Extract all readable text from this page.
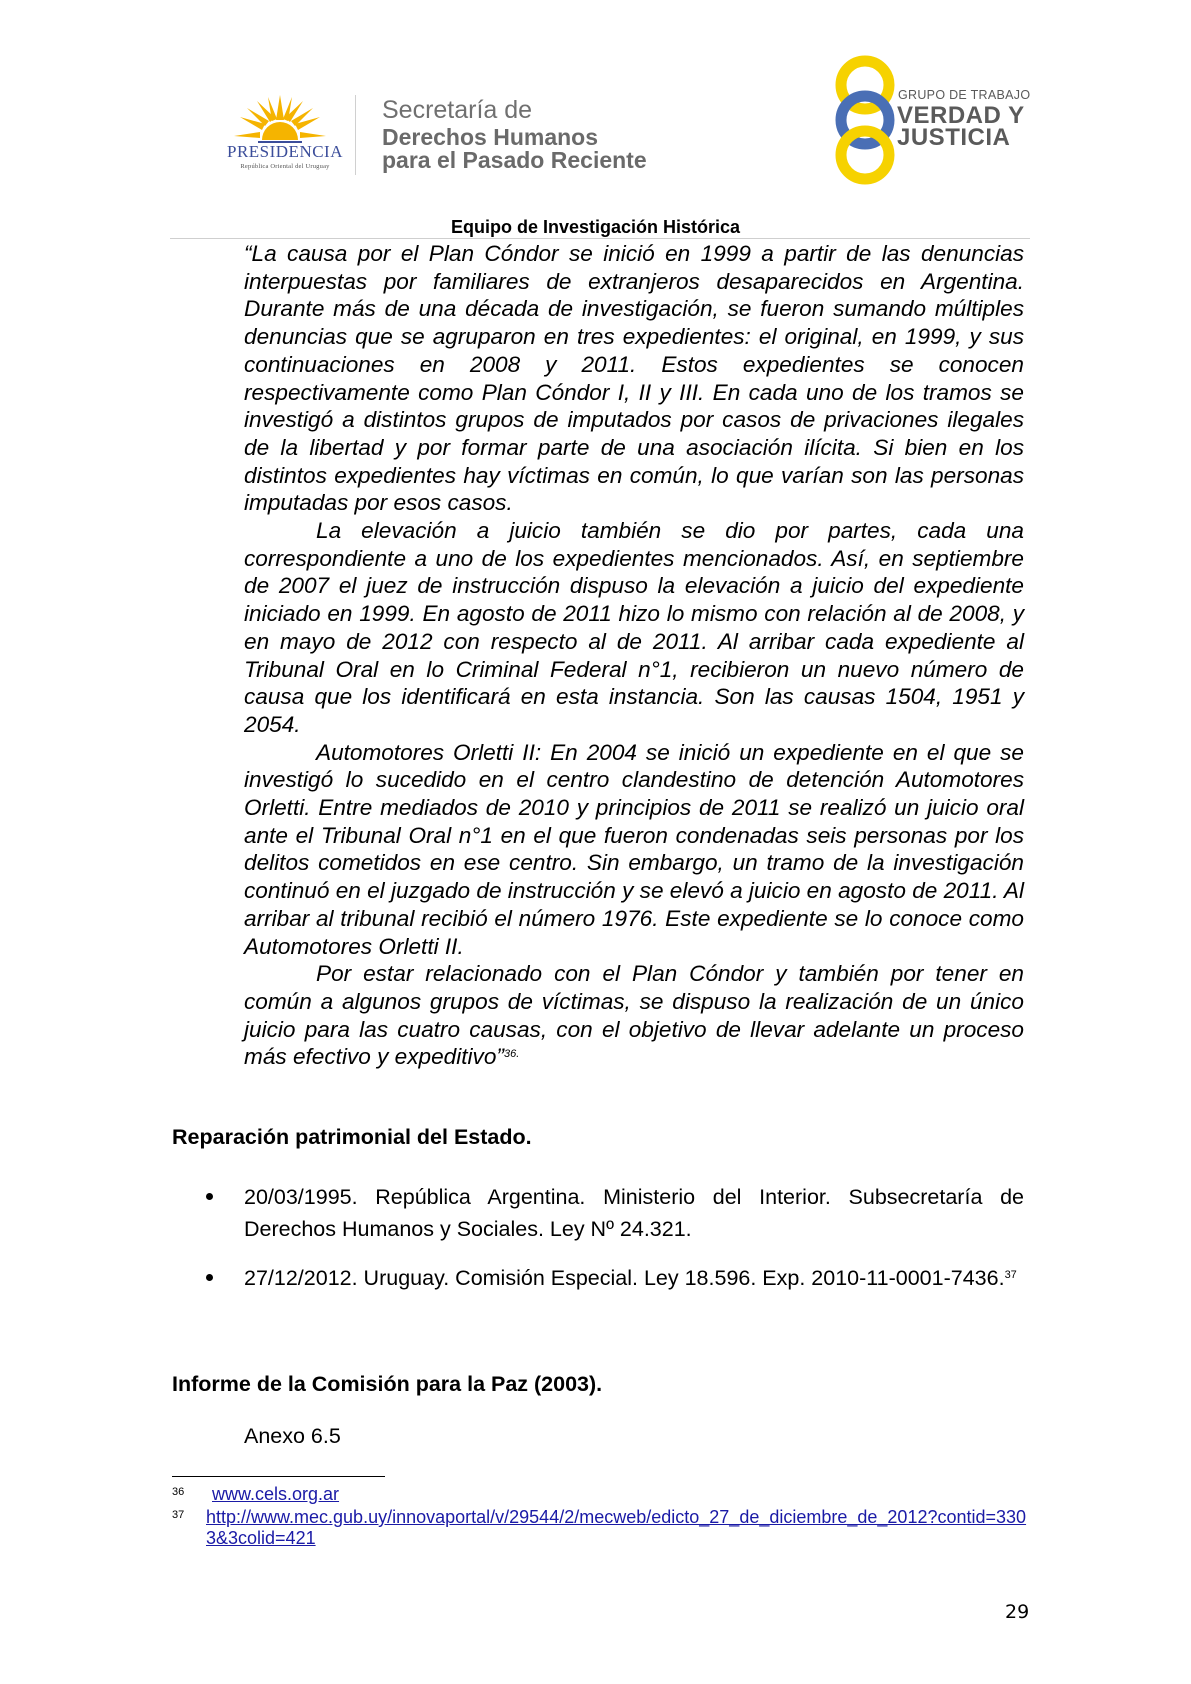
PRESIDENCIA
República Oriental del Uruguay
Secretaría de
Derechos Humanos
para el Pasado Reciente
GRUPO DE TRABAJO
VERDAD Y
JUSTICIA
Equipo de Investigación Histórica

“La causa por el Plan Cóndor se inició en 1999 a partir de las denuncias interpuestas por familiares de extranjeros desaparecidos en Argentina. Durante más de una década de investigación, se fueron sumando múltiples denuncias que se agruparon en tres expedientes: el original, en 1999, y sus continuaciones en 2008 y 2011. Estos expedientes se conocen respectivamente como Plan Cóndor I, II y III. En cada uno de los tramos se investigó a distintos grupos de imputados por casos de privaciones ilegales de la libertad y por formar parte de una asociación ilícita. Si bien en los distintos expedientes hay víctimas en común, lo que varían son las personas imputadas por esos casos.

La elevación a juicio también se dio por partes, cada una correspondiente a uno de los expedientes mencionados. Así, en septiembre de 2007 el juez de instrucción dispuso la elevación a juicio del expediente iniciado en 1999. En agosto de 2011 hizo lo mismo con relación al de 2008, y en mayo de 2012 con respecto al de 2011. Al arribar cada expediente al Tribunal Oral en lo Criminal Federal n°1, recibieron un nuevo número de causa que los identificará en esta instancia. Son las causas 1504, 1951 y 2054.

Automotores Orletti II: En 2004 se inició un expediente en el que se investigó lo sucedido en el centro clandestino de detención Automotores Orletti. Entre mediados de 2010 y principios de 2011 se realizó un juicio oral ante el Tribunal Oral n°1 en el que fueron condenadas seis personas por los delitos cometidos en ese centro. Sin embargo, un tramo de la investigación continuó en el juzgado de instrucción y se elevó a juicio en agosto de 2011. Al arribar al tribunal recibió el número 1976. Este expediente se lo conoce como Automotores Orletti II.

Por estar relacionado con el Plan Cóndor y también por tener en común a algunos grupos de víctimas, se dispuso la realización de un único juicio para las cuatro causas, con el objetivo de llevar adelante un proceso más efectivo y expeditivo”$^{36.}$

Reparación patrimonial del Estado.
20/03/1995. República Argentina. Ministerio del Interior. Subsecretaría de Derechos Humanos y Sociales. Ley Nº 24.321.
27/12/2012. Uruguay. Comisión Especial. Ley 18.596. Exp. 2010-11-0001-7436.37
Informe de la Comisión para la Paz (2003).
Anexo 6.5
36 www.cels.org.ar
37 http://www.mec.gub.uy/innovaportal/v/29544/2/mecweb/edicto_27_de_diciembre_de_2012?contid=3303&3colid=421
29
